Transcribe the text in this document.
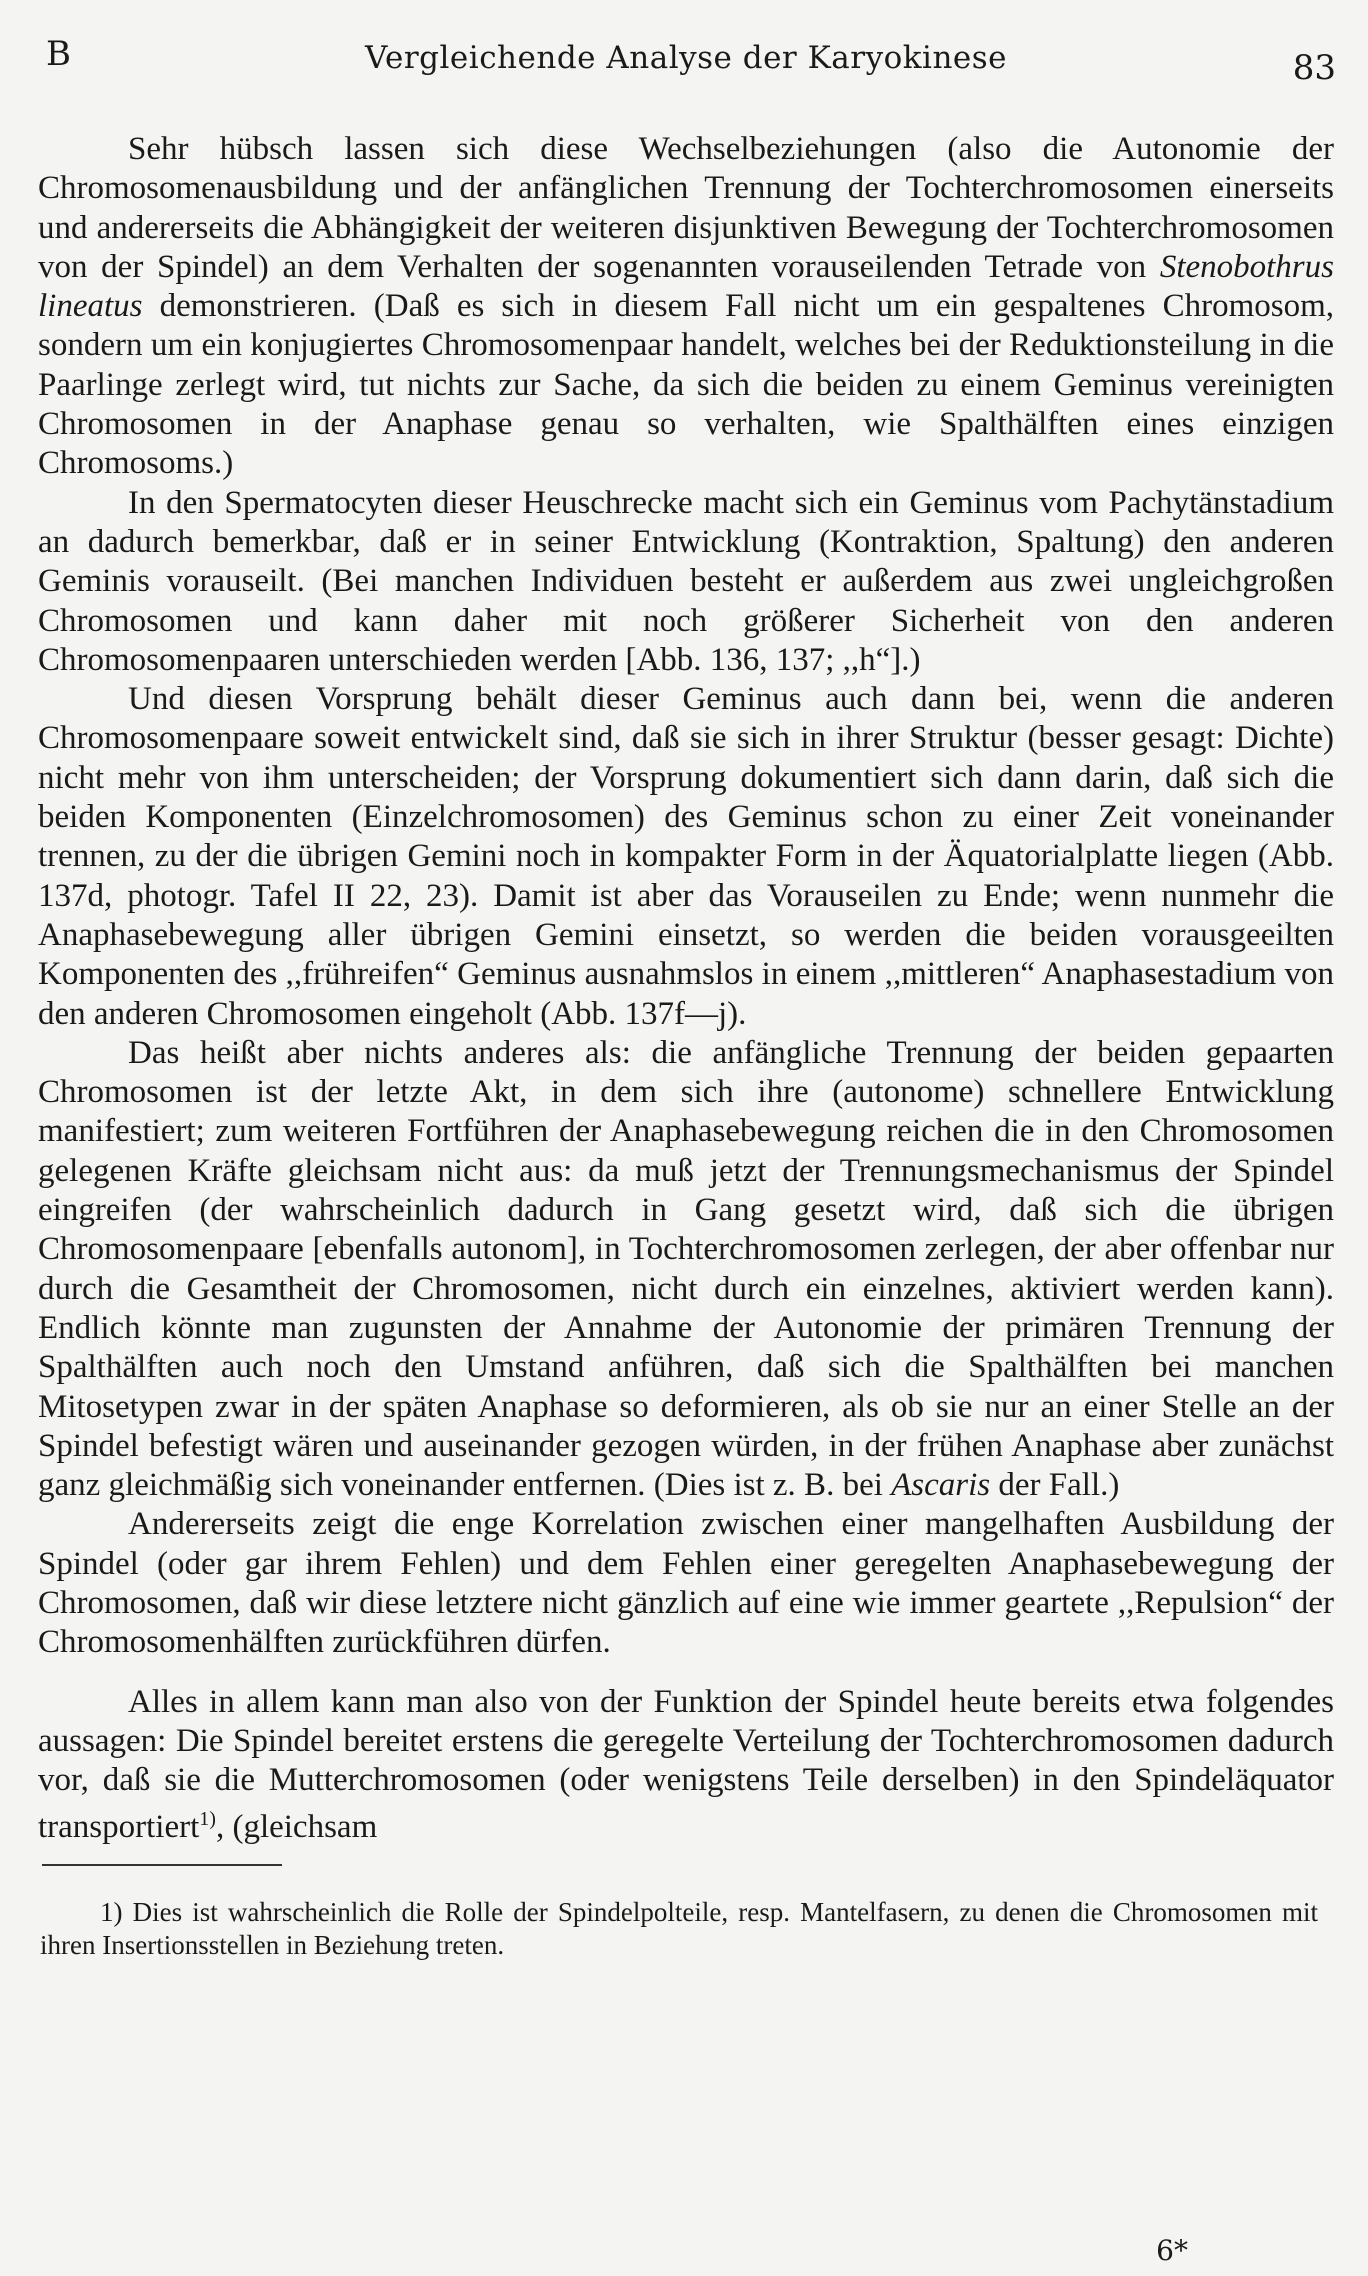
B	Vergleichende Analyse der Karyokinese	83

Sehr hübsch lassen sich diese Wechselbeziehungen (also die Autonomie der Chromosomenausbildung und der anfänglichen Trennung der Tochterchromosomen einerseits und andererseits die Abhängigkeit der weiteren disjunktiven Bewegung der Tochterchromosomen von der Spindel) an dem Verhalten der sogenannten vorauseilenden Tetrade von Stenobothrus lineatus demonstrieren. (Daß es sich in diesem Fall nicht um ein gespaltenes Chromosom, sondern um ein konjugiertes Chromosomenpaar handelt, welches bei der Reduktionsteilung in die Paarlinge zerlegt wird, tut nichts zur Sache, da sich die beiden zu einem Geminus vereinigten Chromosomen in der Anaphase genau so verhalten, wie Spalthälften eines einzigen Chromosoms.)

In den Spermatocyten dieser Heuschrecke macht sich ein Geminus vom Pachytänstadium an dadurch bemerkbar, daß er in seiner Entwicklung (Kontraktion, Spaltung) den anderen Geminis vorauseilt. (Bei manchen Individuen besteht er außerdem aus zwei ungleichgroßen Chromosomen und kann daher mit noch größerer Sicherheit von den anderen Chromosomenpaaren unterschieden werden [Abb. 136, 137; ,,h“].)

Und diesen Vorsprung behält dieser Geminus auch dann bei, wenn die anderen Chromosomenpaare soweit entwickelt sind, daß sie sich in ihrer Struktur (besser gesagt: Dichte) nicht mehr von ihm unterscheiden; der Vorsprung dokumentiert sich dann darin, daß sich die beiden Komponenten (Einzelchromosomen) des Geminus schon zu einer Zeit voneinander trennen, zu der die übrigen Gemini noch in kompakter Form in der Äquatorialplatte liegen (Abb. 137d, photogr. Tafel II 22, 23). Damit ist aber das Vorauseilen zu Ende; wenn nunmehr die Anaphasebewegung aller übrigen Gemini einsetzt, so werden die beiden vorausgeeilten Komponenten des ,,frühreifen“ Geminus ausnahmslos in einem ,,mittleren“ Anaphasestadium von den anderen Chromosomen eingeholt (Abb. 137f—j).

Das heißt aber nichts anderes als: die anfängliche Trennung der beiden gepaarten Chromosomen ist der letzte Akt, in dem sich ihre (autonome) schnellere Entwicklung manifestiert; zum weiteren Fortführen der Anaphasebewegung reichen die in den Chromosomen gelegenen Kräfte gleichsam nicht aus: da muß jetzt der Trennungsmechanismus der Spindel eingreifen (der wahrscheinlich dadurch in Gang gesetzt wird, daß sich die übrigen Chromosomenpaare [ebenfalls autonom], in Tochterchromosomen zerlegen, der aber offenbar nur durch die Gesamtheit der Chromosomen, nicht durch ein einzelnes, aktiviert werden kann). Endlich könnte man zugunsten der Annahme der Autonomie der primären Trennung der Spalthälften auch noch den Umstand anführen, daß sich die Spalthälften bei manchen Mitosetypen zwar in der späten Anaphase so deformieren, als ob sie nur an einer Stelle an der Spindel befestigt wären und auseinander gezogen würden, in der frühen Anaphase aber zunächst ganz gleichmäßig sich voneinander entfernen. (Dies ist z. B. bei Ascaris der Fall.)

Andererseits zeigt die enge Korrelation zwischen einer mangelhaften Ausbildung der Spindel (oder gar ihrem Fehlen) und dem Fehlen einer geregelten Anaphasebewegung der Chromosomen, daß wir diese letztere nicht gänzlich auf eine wie immer geartete ,,Repulsion“ der Chromosomenhälften zurückführen dürfen.

Alles in allem kann man also von der Funktion der Spindel heute bereits etwa folgendes aussagen: Die Spindel bereitet erstens die geregelte Verteilung der Tochterchromosomen dadurch vor, daß sie die Mutterchromosomen (oder wenigstens Teile derselben) in den Spindeläquator transportiert$^{1)}$, (gleichsam

1) Dies ist wahrscheinlich die Rolle der Spindelpolteile, resp. Mantelfasern, zu denen die Chromosomen mit ihren Insertionsstellen in Beziehung treten.
6*
